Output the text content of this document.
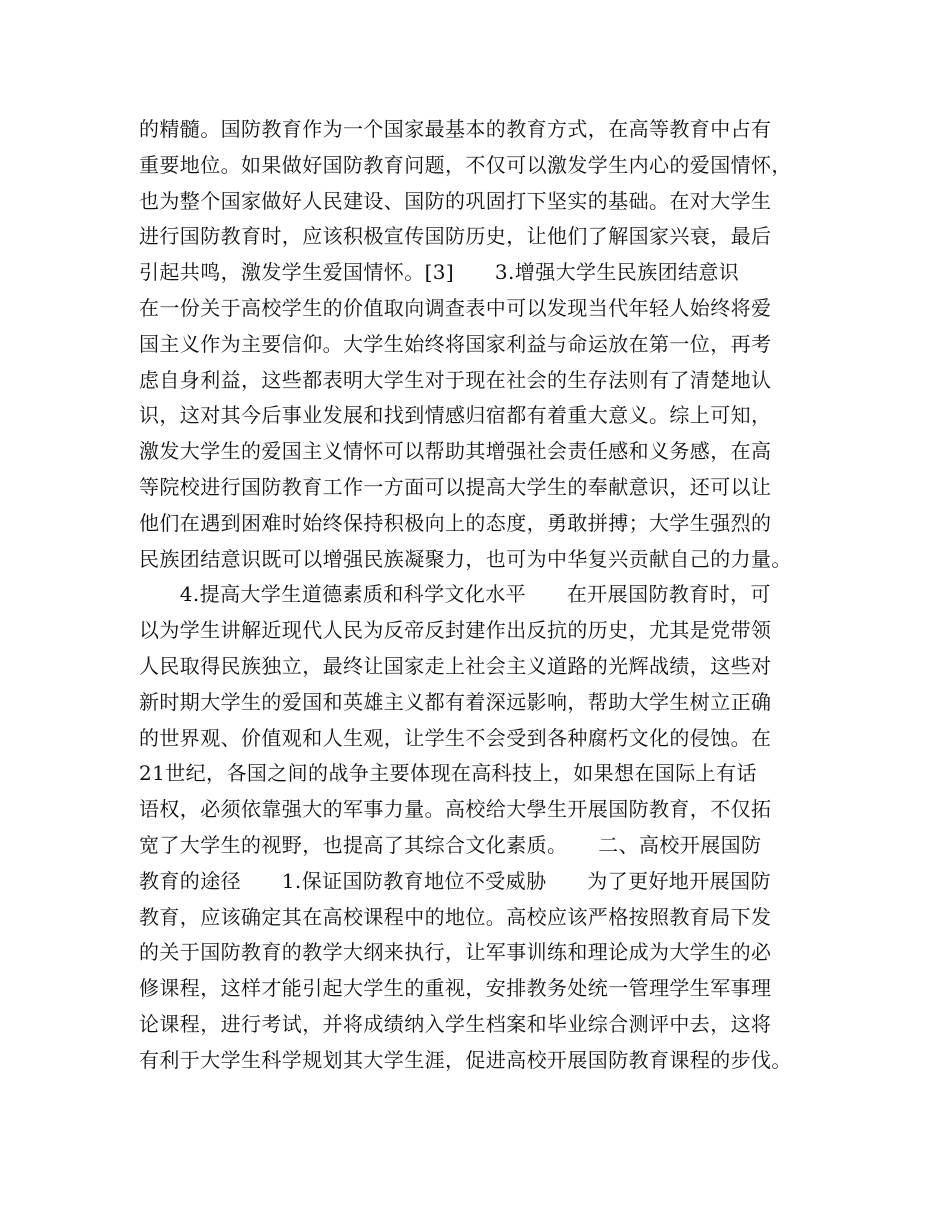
的精髓。国防教育作为一个国家最基本的教育方式，在高等教育中占有
重要地位。如果做好国防教育问题，不仅可以激发学生内心的爱国情怀，
也为整个国家做好人民建设、国防的巩固打下坚实的基础。在对大学生
进行国防教育时，应该积极宣传国防历史，让他们了解国家兴衰，最后
引起共鸣，激发学生爱国情怀。[3]　　3.增强大学生民族团结意识
在一份关于高校学生的价值取向调查表中可以发现当代年轻人始终将爱
国主义作为主要信仰。大学生始终将国家利益与命运放在第一位，再考
虑自身利益，这些都表明大学生对于现在社会的生存法则有了清楚地认
识，这对其今后事业发展和找到情感归宿都有着重大意义。综上可知，
激发大学生的爱国主义情怀可以帮助其增强社会责任感和义务感，在高
等院校进行国防教育工作一方面可以提高大学生的奉献意识，还可以让
他们在遇到困难时始终保持积极向上的态度，勇敢拼搏；大学生强烈的
民族团结意识既可以增强民族凝聚力，也可为中华复兴贡献自己的力量。
　　4.提高大学生道德素质和科学文化水平　　在开展国防教育时，可
以为学生讲解近现代人民为反帝反封建作出反抗的历史，尤其是党带领
人民取得民族独立，最终让国家走上社会主义道路的光辉战绩，这些对
新时期大学生的爱国和英雄主义都有着深远影响，帮助大学生树立正确
的世界观、价值观和人生观，让学生不会受到各种腐朽文化的侵蚀。在
21世纪，各国之间的战争主要体现在高科技上，如果想在国际上有话
语权，必须依靠强大的军事力量。高校给大學生开展国防教育，不仅拓
宽了大学生的视野，也提高了其综合文化素质。　　二、高校开展国防
教育的途径　　1.保证国防教育地位不受威胁　　为了更好地开展国防
教育，应该确定其在高校课程中的地位。高校应该严格按照教育局下发
的关于国防教育的教学大纲来执行，让军事训练和理论成为大学生的必
修课程，这样才能引起大学生的重视，安排教务处统一管理学生军事理
论课程，进行考试，并将成绩纳入学生档案和毕业综合测评中去，这将
有利于大学生科学规划其大学生涯，促进高校开展国防教育课程的步伐。
